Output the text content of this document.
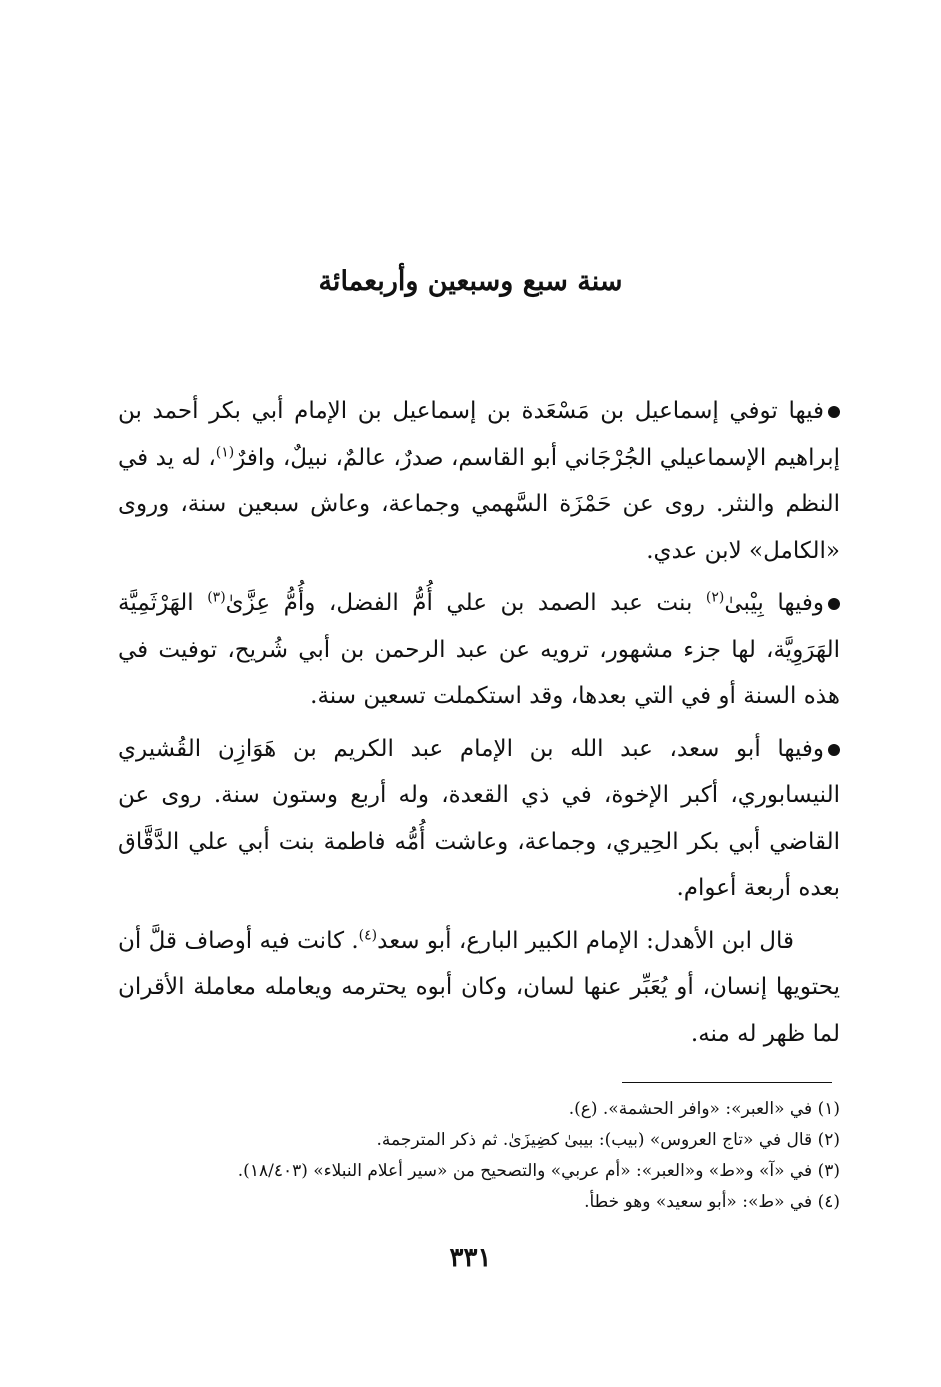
سنة سبع وسبعين وأربعمائة

فيها توفي إسماعيل بن مَسْعَدة بن إسماعيل بن الإمام أبي بكر أحمد بن إبراهيم الإسماعيلي الجُرْجَاني أبو القاسم، صدرٌ، عالمٌ، نبيلٌ، وافرٌ$^{(١)}$، له يد في النظم والنثر. روى عن حَمْزَة السَّهمي وجماعة، وعاش سبعين سنة، وروى «الكامل» لابن عدي.

وفيها بِيْبىٰ$^{(٢)}$ بنت عبد الصمد بن علي أُمُّ الفضل، وأُمُّ عِزَّىٰ$^{(٣)}$ الهَرْثَمِيَّة الهَرَوِيَّة، لها جزء مشهور، ترويه عن عبد الرحمن بن أبي شُريح، توفيت في هذه السنة أو في التي بعدها، وقد استكملت تسعين سنة.

وفيها أبو سعد، عبد الله بن الإمام عبد الكريم بن هَوَازِن القُشيري النيسابوري، أكبر الإخوة، في ذي القعدة، وله أربع وستون سنة. روى عن القاضي أبي بكر الحِيري، وجماعة، وعاشت أُمُّه فاطمة بنت أبي علي الدَّقَّاق بعده أربعة أعوام.

قال ابن الأهدل: الإمام الكبير البارع، أبو سعد$^{(٤)}$. كانت فيه أوصاف قلَّ أن يحتويها إنسان، أو يُعَبِّر عنها لسان، وكان أبوه يحترمه ويعامله معاملة الأقران لما ظهر له منه.

(١) في «العبر»: «وافر الحشمة». (ع).

(٢) قال في «تاج العروس» (بيب): بيبىٰ كضِيزَىٰ. ثم ذكر المترجمة.

(٣) في «آ» و«ط» و«العبر»: «أم عربي» والتصحيح من «سير أعلام النبلاء» (١٨/٤٠٣).

(٤) في «ط»: «أبو سعيد» وهو خطأ.

٣٣١
